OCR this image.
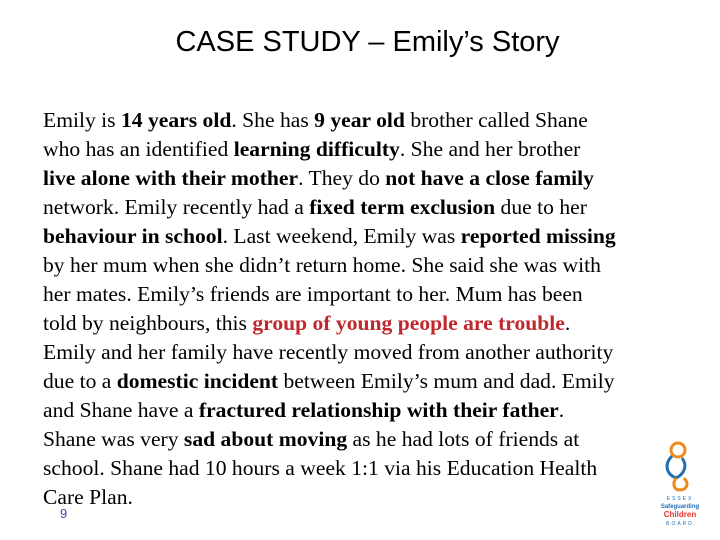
CASE STUDY – Emily’s Story
Emily is 14 years old. She has 9 year old brother called Shane
who has an identified learning difficulty. She and her brother
live alone with their mother. They do not have a close family
network. Emily recently had a fixed term exclusion due to her
behaviour in school. Last weekend, Emily was reported missing
by her mum when she didn’t return home. She said she was with
her mates. Emily’s friends are important to her. Mum has been
told by neighbours, this group of young people are trouble.
Emily and her family have recently moved from another authority
due to a domestic incident between Emily’s mum and dad. Emily
and Shane have a fractured relationship with their father.
Shane was very sad about moving as he had lots of friends at
school. Shane had 10 hours a week 1:1 via his Education Health
Care Plan.
9
ESSEX
Safeguarding
Children
BOARD
